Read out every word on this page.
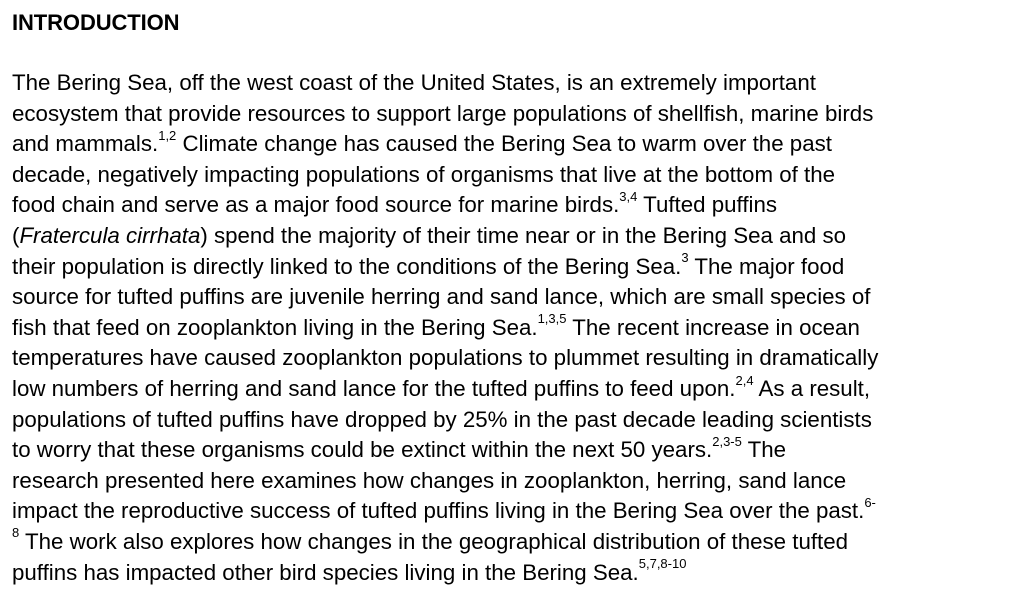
INTRODUCTION
The Bering Sea, off the west coast of the United States, is an extremely important
ecosystem that provide resources to support large populations of shellfish, marine birds
and mammals.$^{1,2}$ Climate change has caused the Bering Sea to warm over the past
decade, negatively impacting populations of organisms that live at the bottom of the
food chain and serve as a major food source for marine birds.$^{3,4}$ Tufted puffins
(Fratercula cirrhata) spend the majority of their time near or in the Bering Sea and so
their population is directly linked to the conditions of the Bering Sea.$^3$ The major food
source for tufted puffins are juvenile herring and sand lance, which are small species of
fish that feed on zooplankton living in the Bering Sea.$^{1,3,5}$ The recent increase in ocean
temperatures have caused zooplankton populations to plummet resulting in dramatically
low numbers of herring and sand lance for the tufted puffins to feed upon.$^{2,4}$ As a result,
populations of tufted puffins have dropped by 25% in the past decade leading scientists
to worry that these organisms could be extinct within the next 50 years.$^{2,3-5}$ The
research presented here examines how changes in zooplankton, herring, sand lance
impact the reproductive success of tufted puffins living in the Bering Sea over the past.$^{6-}$
$^8$ The work also explores how changes in the geographical distribution of these tufted
puffins has impacted other bird species living in the Bering Sea.$^{5,7,8-10}$
